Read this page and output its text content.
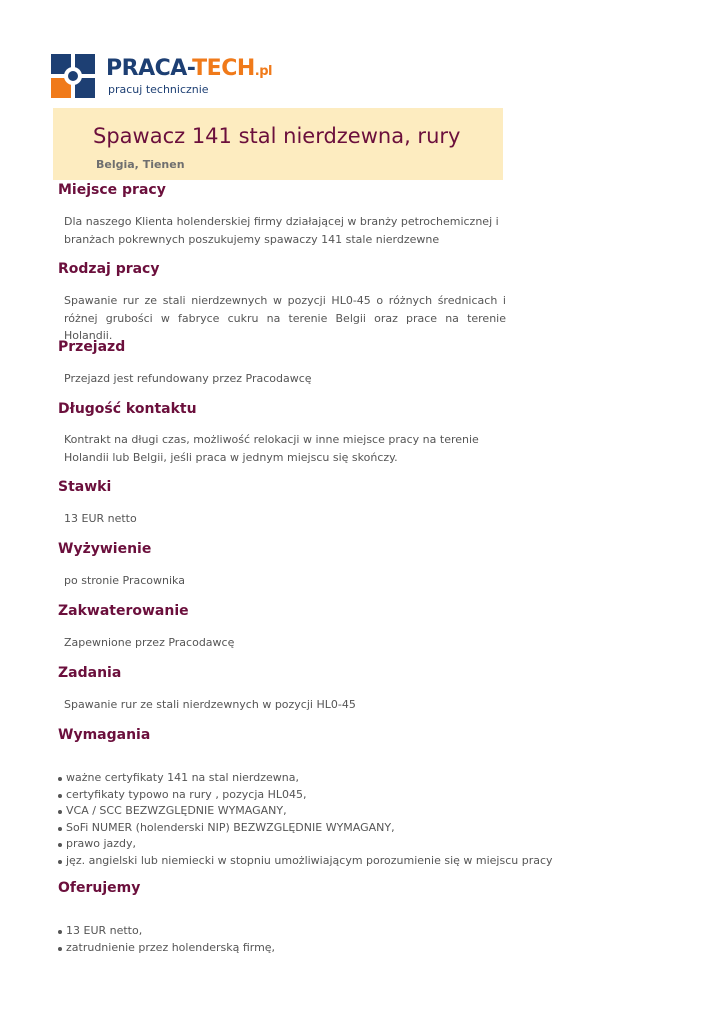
PRACA-TECH.pl
pracuj technicznie
Spawacz 141 stal nierdzewna, rury
Belgia, Tienen
Miejsce pracy
Dla naszego Klienta holenderskiej firmy działającej w branży petrochemicznej i branżach pokrewnych poszukujemy spawaczy 141 stale nierdzewne
Rodzaj pracy
Spawanie rur ze stali nierdzewnych w pozycji HL0-45 o różnych średnicach i różnej grubości w fabryce cukru na terenie Belgii oraz prace na terenie Holandii.
Przejazd
Przejazd jest refundowany przez Pracodawcę
Długość kontaktu
Kontrakt na długi czas, możliwość relokacji w inne miejsce pracy na terenie Holandii lub Belgii, jeśli praca w jednym miejscu się skończy.
Stawki
13 EUR netto
Wyżywienie
po stronie Pracownika
Zakwaterowanie
Zapewnione przez Pracodawcę
Zadania
Spawanie rur ze stali nierdzewnych w pozycji HL0-45
Wymagania
ważne certyfikaty 141 na stal nierdzewna,
certyfikaty typowo na rury , pozycja HL045,
VCA / SCC BEZWZGLĘDNIE WYMAGANY,
SoFi NUMER (holenderski NIP) BEZWZGLĘDNIE WYMAGANY,
prawo jazdy,
jęz. angielski lub niemiecki w stopniu umożliwiającym porozumienie się w miejscu pracy
Oferujemy
13 EUR netto,
zatrudnienie przez holenderską firmę,
